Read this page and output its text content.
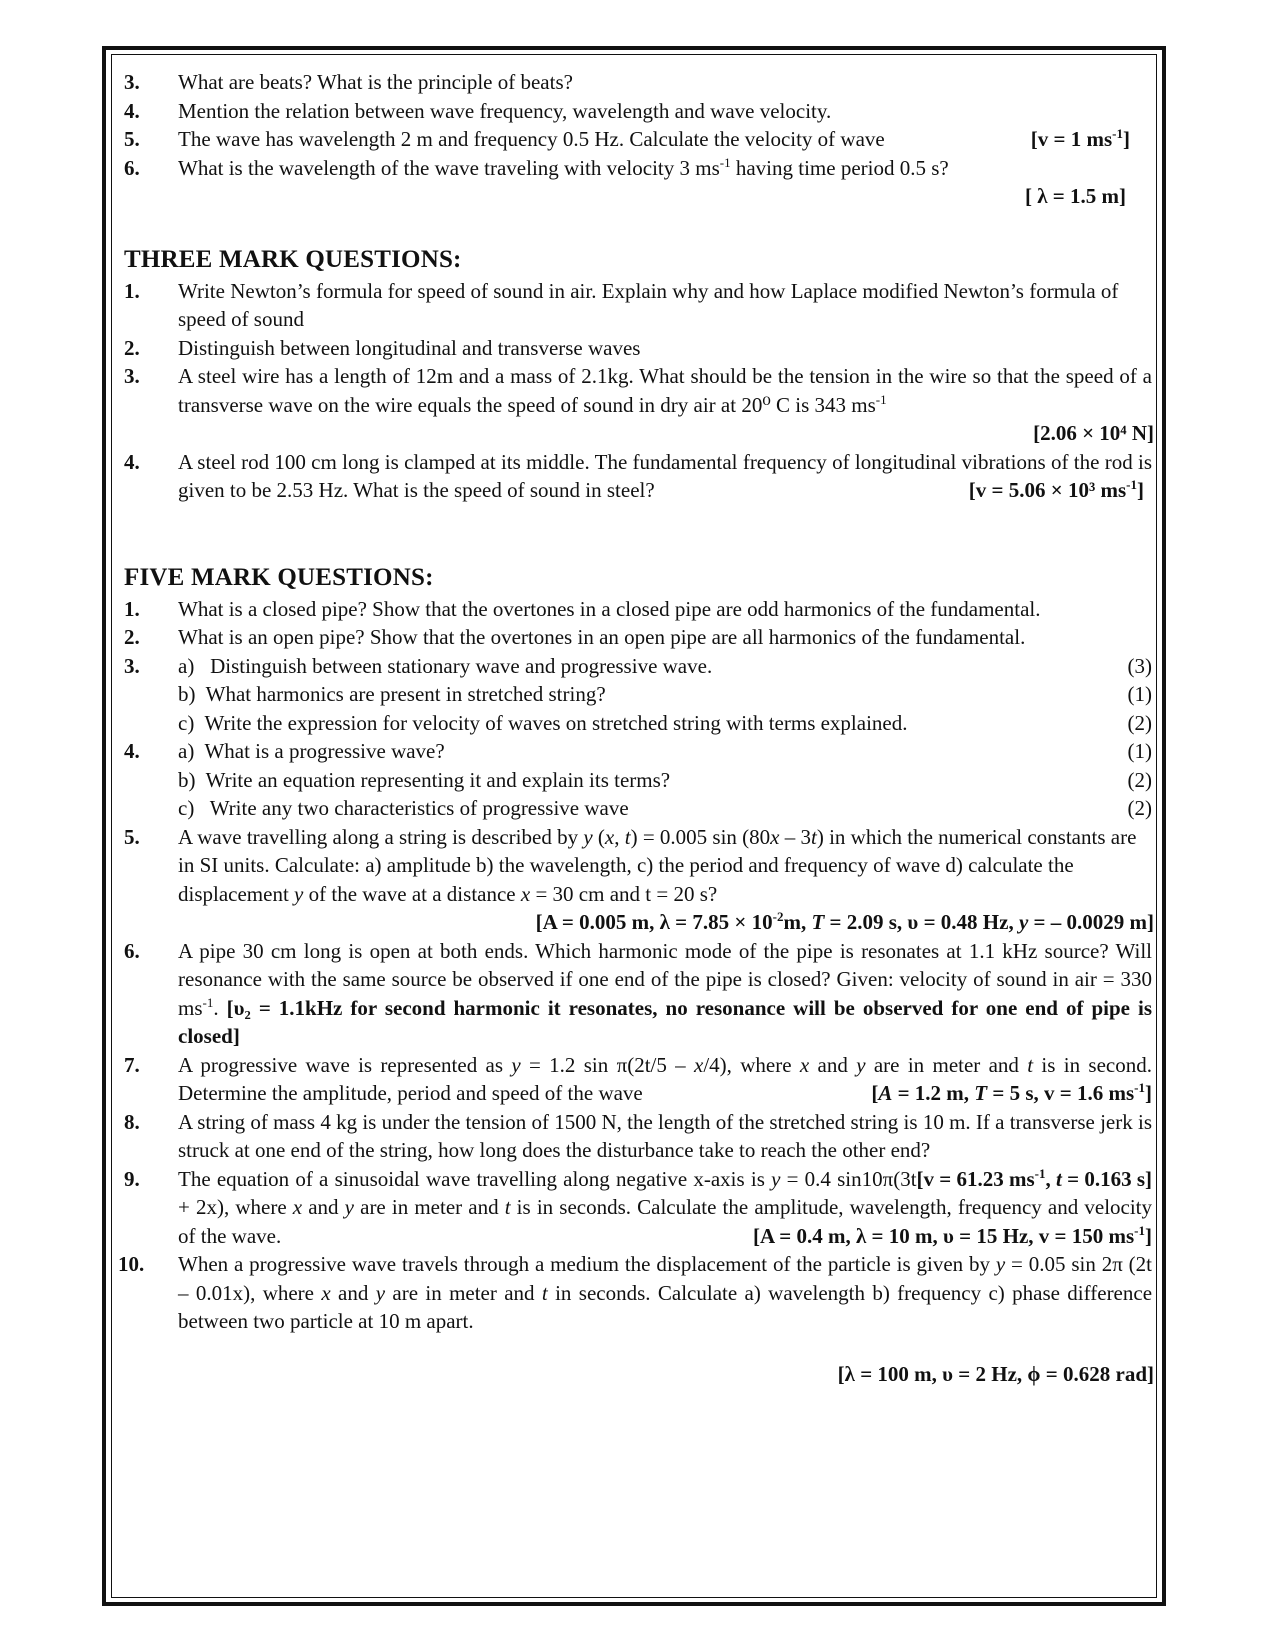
3. What are beats? What is the principle of beats?
4. Mention the relation between wave frequency, wavelength and wave velocity.
5. The wave has wavelength 2 m and frequency 0.5 Hz. Calculate the velocity of wave	[v = 1 $ms^{-1}$]
6. What is the wavelength of the wave traveling with velocity 3 $ms^{-1}$ having time period 0.5 s?
[ λ = 1.5 m]
THREE MARK QUESTIONS:
1. Write Newton’s formula for speed of sound in air. Explain why and how Laplace modified Newton’s formula of speed of sound
2. Distinguish between longitudinal and transverse waves
3. A steel wire has a length of 12m and a mass of 2.1kg. What should be the tension in the wire so that the speed of a transverse wave on the wire equals the speed of sound in dry air at 20⁰ C is 343 $ms^{-1}$
[2.06 × 10⁴ N]
4. A steel rod 100 cm long is clamped at its middle. The fundamental frequency of longitudinal vibrations of the rod is given to be 2.53 Hz. What is the speed of sound in steel?	[v = 5.06 × 10³ $ms^{-1}$]
FIVE MARK QUESTIONS:
1. What is a closed pipe? Show that the overtones in a closed pipe are odd harmonics of the fundamental.
2. What is an open pipe? Show that the overtones in an open pipe are all harmonics of the fundamental.
3. a) Distinguish between stationary wave and progressive wave.	(3)
b) What harmonics are present in stretched string?	(1)
c) Write the expression for velocity of waves on stretched string with terms explained.	(2)
4. a) What is a progressive wave?	(1)
b) Write an equation representing it and explain its terms?	(2)
c) Write any two characteristics of progressive wave	(2)
5. A wave travelling along a string is described by y (x, t) = 0.005 sin (80x – 3t) in which the numerical constants are in SI units. Calculate: a) amplitude b) the wavelength, c) the period and frequency of wave d) calculate the displacement y of the wave at a distance x = 30 cm and t = 20 s?
[A = 0.005 m, $\lambda = 7.85 \times 10^{-2}m$, T = 2.09 s, υ = 0.48 Hz, y = – 0.0029 m]
6. A pipe 30 cm long is open at both ends. Which harmonic mode of the pipe is resonates at 1.1 kHz source? Will resonance with the same source be observed if one end of the pipe is closed? Given: velocity of sound in air = 330 $ms^{-1}$. [υ₂ = 1.1kHz for second harmonic it resonates, no resonance will be observed for one end of pipe is closed]
7. A progressive wave is represented as y = 1.2 sin π(2t/5 – x/4), where x and y are in meter and t is in second. Determine the amplitude, period and speed of the wave	[A = 1.2 m, T = 5 s, v = 1.6 $ms^{-1}$]
8. A string of mass 4 kg is under the tension of 1500 N, the length of the stretched string is 10 m. If a transverse jerk is struck at one end of the string, how long does the disturbance take to reach the other end?
[v = 61.23 $ms^{-1}$, t = 0.163 s]
9. The equation of a sinusoidal wave travelling along negative x-axis is y = 0.4 sin10π(3t + 2x), where x and y are in meter and t is in seconds. Calculate the amplitude, wavelength, frequency and velocity of the wave.	[A = 0.4 m, λ = 10 m, υ = 15 Hz, v = 150 $ms^{-1}$]
10. When a progressive wave travels through a medium the displacement of the particle is given by y = 0.05 sin 2π (2t – 0.01x), where x and y are in meter and t in seconds. Calculate a) wavelength b) frequency c) phase difference between two particle at 10 m apart.
[λ = 100 m, υ = 2 Hz, ϕ = 0.628 rad]
